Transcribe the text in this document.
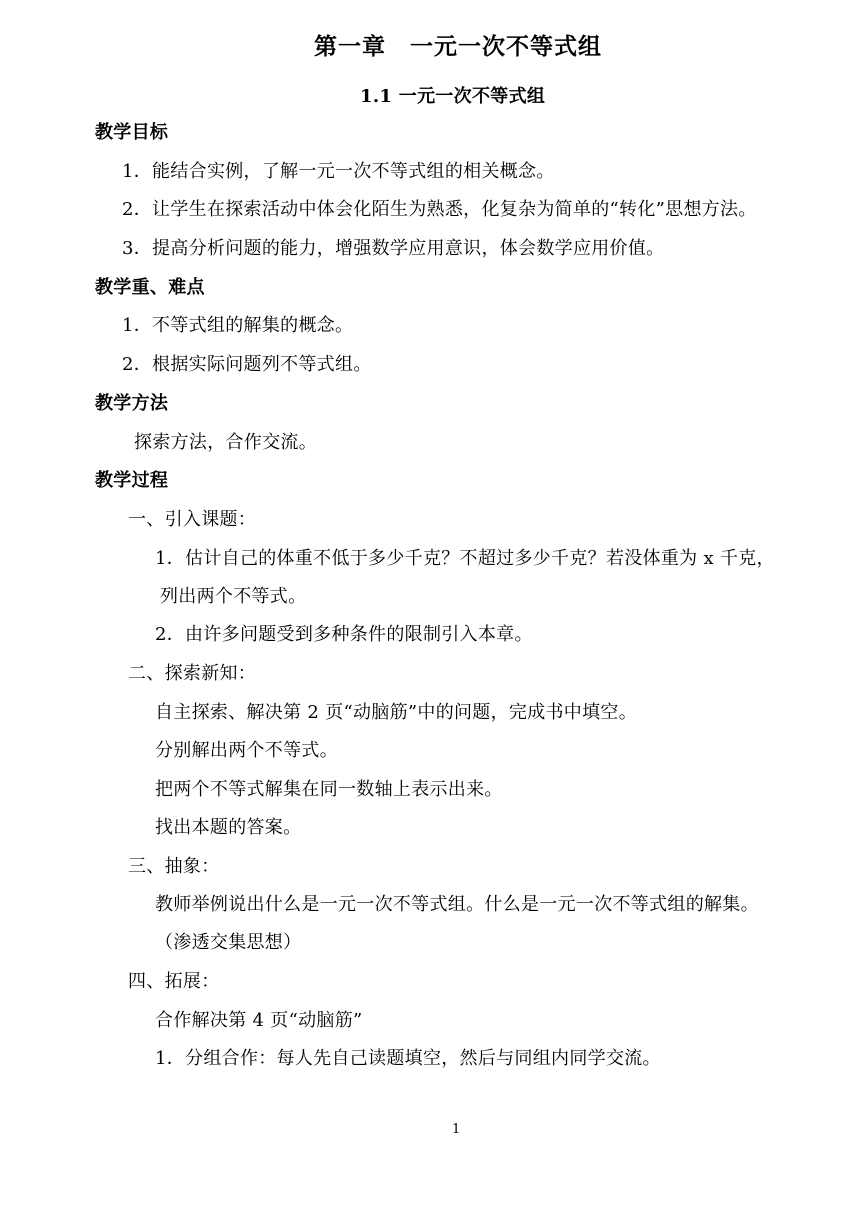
第一章　一元一次不等式组
1.1 一元一次不等式组
教学目标
1．能结合实例，了解一元一次不等式组的相关概念。
2．让学生在探索活动中体会化陌生为熟悉，化复杂为简单的“转化”思想方法。
3．提高分析问题的能力，增强数学应用意识，体会数学应用价值。
教学重、难点
1．不等式组的解集的概念。
2．根据实际问题列不等式组。
教学方法
探索方法，合作交流。
教学过程
一、引入课题：
1．估计自己的体重不低于多少千克？不超过多少千克？若没体重为 x 千克，
列出两个不等式。
2．由许多问题受到多种条件的限制引入本章。
二、探索新知：
自主探索、解决第 2 页“动脑筋”中的问题，完成书中填空。
分别解出两个不等式。
把两个不等式解集在同一数轴上表示出来。
找出本题的答案。
三、抽象：
教师举例说出什么是一元一次不等式组。什么是一元一次不等式组的解集。
（渗透交集思想）
四、拓展：
合作解决第 4 页“动脑筋”
1．分组合作：每人先自己读题填空，然后与同组内同学交流。
1
